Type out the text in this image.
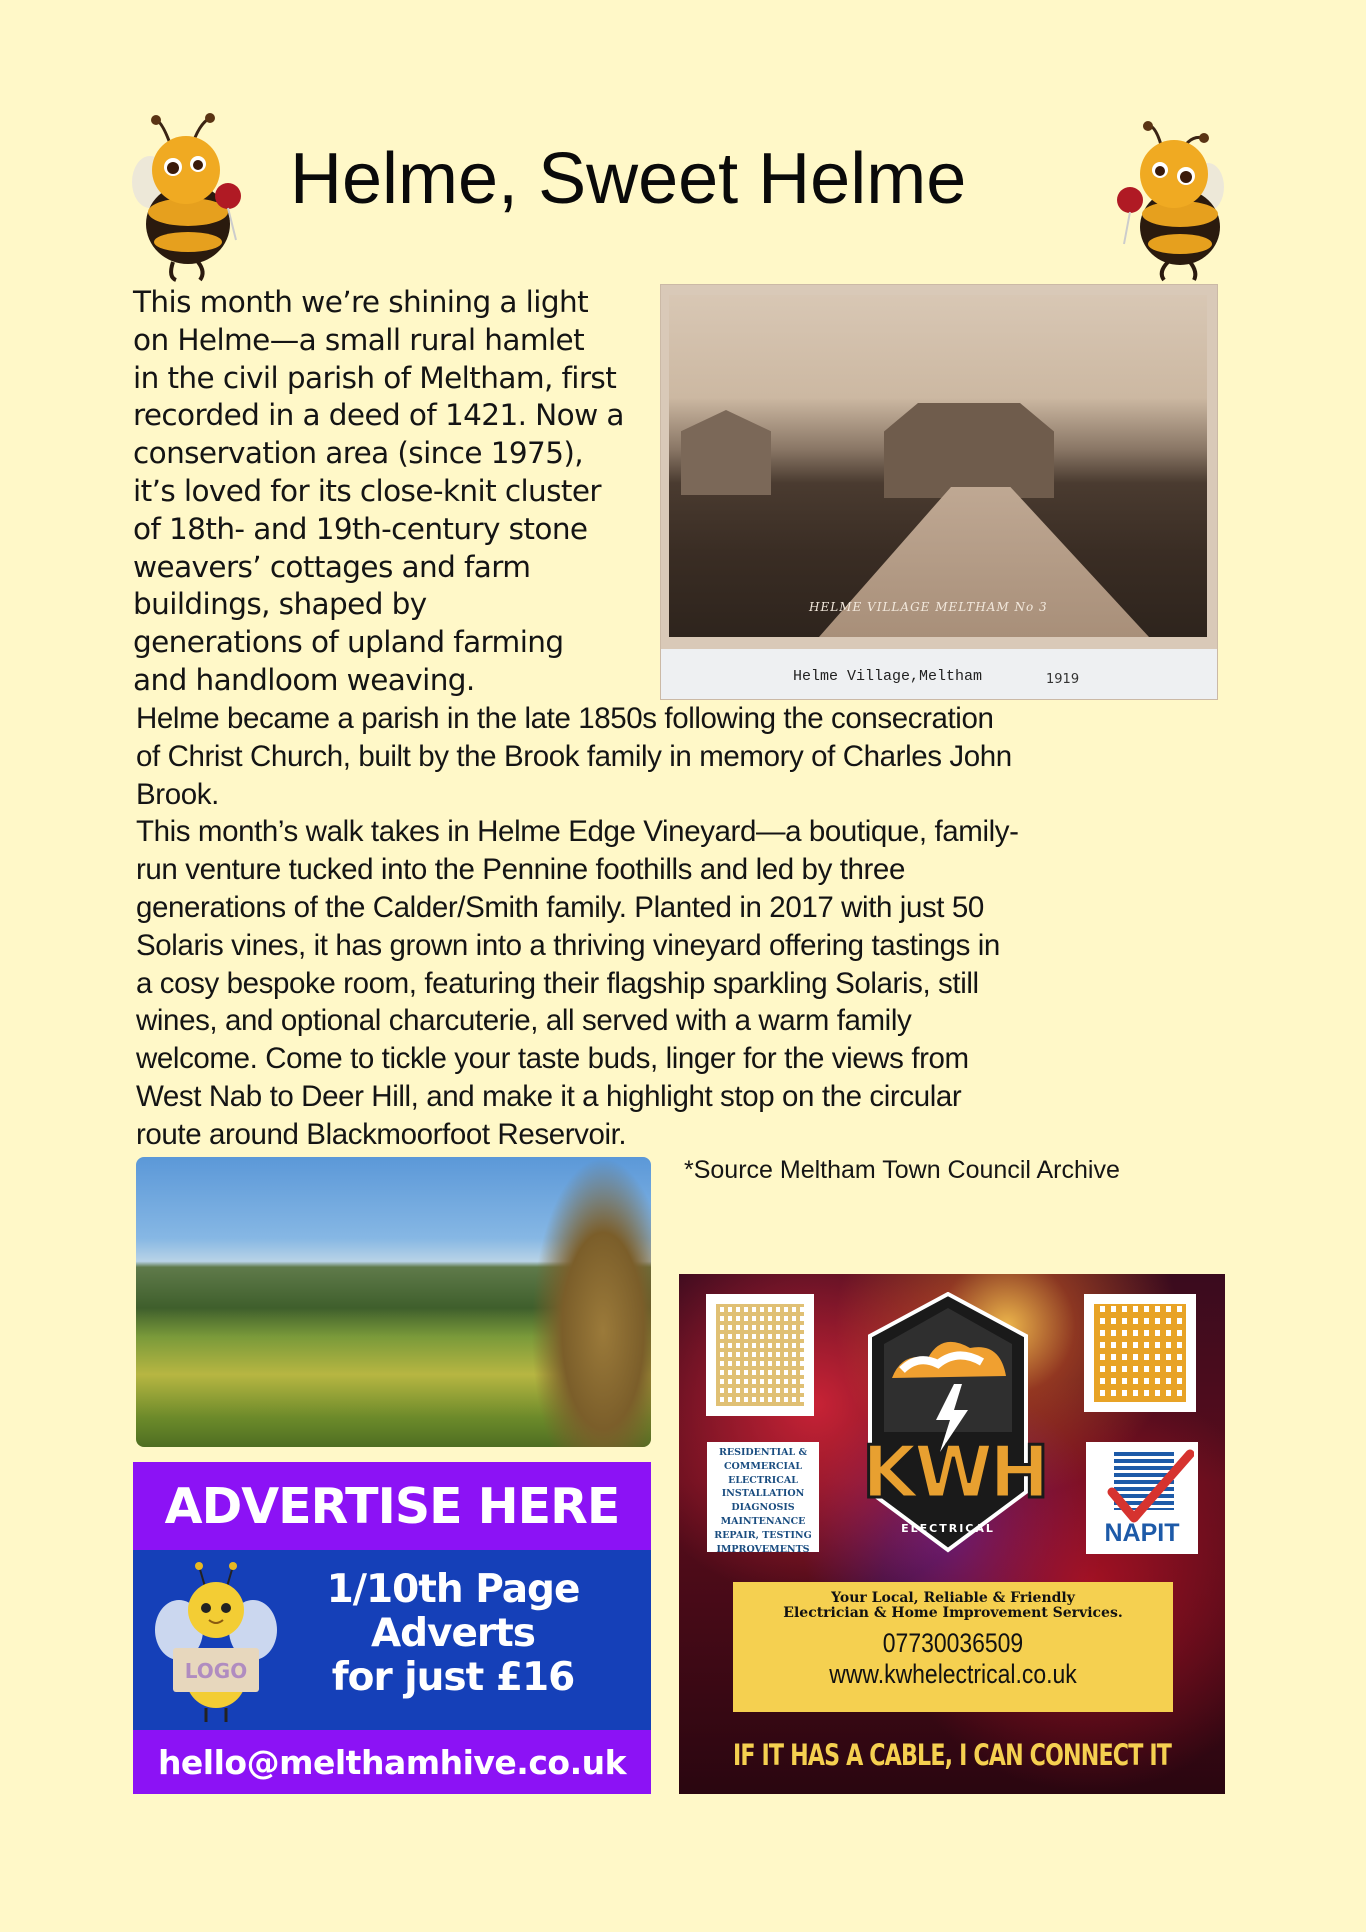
Helme, Sweet Helme
This month we’re shining a light
on Helme—a small rural hamlet
in the civil parish of Meltham, first
recorded in a deed of 1421. Now a
conservation area (since 1975),
it’s loved for its close-knit cluster
of 18th- and 19th-century stone
weavers’ cottages and farm
buildings, shaped by
generations of upland farming
and handloom weaving.
HELME VILLAGE MELTHAM No 3
Helme Village,Meltham	1919
Helme became a parish in the late 1850s following the consecration
of Christ Church, built by the Brook family in memory of Charles John
Brook.
This month’s walk takes in Helme Edge Vineyard—a boutique, family-
run venture tucked into the Pennine foothills and led by three
generations of the Calder/Smith family. Planted in 2017 with just 50
Solaris vines, it has grown into a thriving vineyard offering tastings in
a cosy bespoke room, featuring their flagship sparkling Solaris, still
wines, and optional charcuterie, all served with a warm family
welcome. Come to tickle your taste buds, linger for the views from
West Nab to Deer Hill, and make it a highlight stop on the circular
route around Blackmoorfoot Reservoir.
*Source Meltham Town Council Archive
ADVERTISE HERE
LOGO
1/10th Page
Adverts
for just £16
hello@melthamhive.co.uk
KWH
ELECTRICAL
RESIDENTIAL &
COMMERCIAL
ELECTRICAL
INSTALLATION
DIAGNOSIS
MAINTENANCE
REPAIR, TESTING
IMPROVEMENTS
NAPIT
Your Local, Reliable & Friendly
Electrician & Home Improvement Services.
07730036509
www.kwhelectrical.co.uk
IF IT HAS A CABLE, I CAN CONNECT IT
